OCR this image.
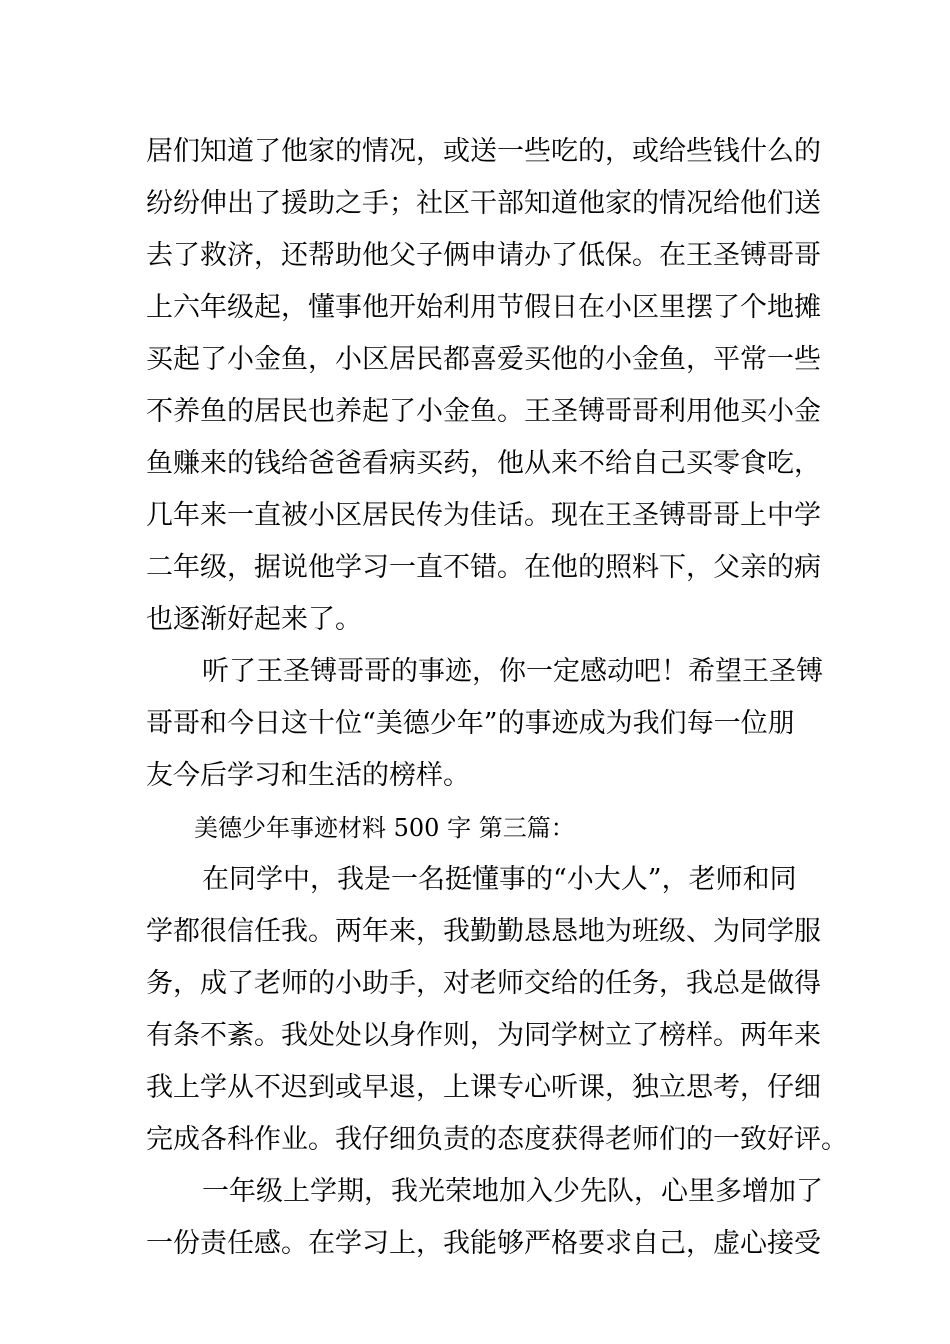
居们知道了他家的情况，或送一些吃的，或给些钱什么的
纷纷伸出了援助之手；社区干部知道他家的情况给他们送
去了救济，还帮助他父子俩申请办了低保。在王圣镈哥哥
上六年级起，懂事他开始利用节假日在小区里摆了个地摊
买起了小金鱼，小区居民都喜爱买他的小金鱼，平常一些
不养鱼的居民也养起了小金鱼。王圣镈哥哥利用他买小金
鱼赚来的钱给爸爸看病买药，他从来不给自己买零食吃，
几年来一直被小区居民传为佳话。现在王圣镈哥哥上中学
二年级，据说他学习一直不错。在他的照料下，父亲的病
也逐渐好起来了。
听了王圣镈哥哥的事迹，你一定感动吧！希望王圣镈
哥哥和今日这十位“美德少年”的事迹成为我们每一位朋
友今后学习和生活的榜样。
美德少年事迹材料 500 字 第三篇：
在同学中，我是一名挺懂事的“小大人”，老师和同
学都很信任我。两年来，我勤勤恳恳地为班级、为同学服
务，成了老师的小助手，对老师交给的任务，我总是做得
有条不紊。我处处以身作则，为同学树立了榜样。两年来
我上学从不迟到或早退，上课专心听课，独立思考，仔细
完成各科作业。我仔细负责的态度获得老师们的一致好评。
一年级上学期，我光荣地加入少先队，心里多增加了
一份责任感。在学习上，我能够严格要求自己，虚心接受
